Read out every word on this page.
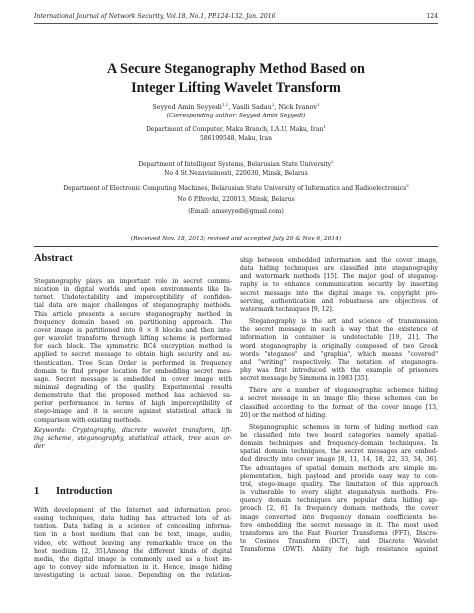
International Journal of Network Security, Vol.18, No.1, PP.124-132, Jan. 2016	124
A Secure Steganography Method Based on
Integer Lifting Wavelet Transform
Seyyed Amin Seyyedi$^{1,2}$, Vasili Sadau$^2$, Nick Ivanov$^3$
(Corresponding author: Seyyed Amin Seyyedi)
Department of Computer, Maku Branch, I.A.U, Maku, Iran$^1$
586199548, Maku, Iran
Department of Intelligent Systems, Belarusian State University$^2$
No 4 St.Nezavisimosti, 220030, Minsk, Belarus
Department of Electronic Computing Machines, Belarusian State University of Informatics and Radioelectronics$^3$
No 6 P.Brovki, 220013, Minsk, Belarus
(Email: amseyyedi@gmail.com)
(Received Nov. 18, 2013; revised and accepted July 20 & Nov 6, 2014)
Abstract
Steganography plays an important role in secret commu-
nication in digital worlds and open environments like In-
ternet. Undetectability and imperceptibility of confiden-
tial data are major challenges of steganography methods.
This article presents a secure steganography method in
frequency domain based on partitioning approach. The
cover image is partitioned into 8 × 8 blocks and then inte-
ger wavelet transform through lifting scheme is performed
for each block. The symmetric RC4 encryption method is
applied to secret message to obtain high security and au-
thentication. Tree Scan Order is performed in frequency
domain to find proper location for embedding secret mes-
sage. Secret message is embedded in cover image with
minimal degrading of the quality. Experimental results
demonstrate that the proposed method has achieved su-
perior performance in terms of high imperceptibility of
stego-image and it is secure against statistical attack in
comparison with existing methods.
Keywords: Cryptography, discrete wavelet transform, lift-
ing scheme, steganography, statistical attack, tree scan or-
der
1 Introduction
With development of the Internet and information proc-
essing techniques, data hiding has attracted lots of at-
tention. Data hiding is a science of concealing informa-
tion in a host medium that can be text, image, audio,
video, etc without leaving any remarkable trace on the
host medium [2, 35].Among the different kinds of digital
media, the digital image is commonly used as a host im-
age to convey side information in it. Hence, image hiding
investigating is actual issue. Depending on the relation-
ship between embedded information and the cover image,
data hiding techniques are classified into steganography
and watermark methods [15]. The major goal of steganog-
raphy is to enhance communication security by inserting
secret message into the digital image vs. copyright pro-
serving, authentication and robustness are objectives of
watermark techniques [9, 12].
Steganography is the art and science of transmission
the secret message in such a way that the existence of
information in container is undetectable [19, 21]. The
word steganography is originally composed of two Greek
words "steganos" and "graphia", which means "covered"
and "writing" respectively. The notation of steganogra-
phy was first introduced with the example of prisoners
secret message by Simmons in 1983 [35].
There are a number of steganographic schemes hiding
a secret message in an image file; these schemes can be
classified according to the format of the cover image [13,
20] or the method of hiding.
Steganographic schemes in term of hiding method can
be classified into two board categories namely spatial-
domain techniques and frequency-domain techniques. In
spatial domain techniques, the secret messages are embed-
ded directly into cover image [8, 11, 14, 18, 22, 33, 34, 36].
The advantages of spatial domain methods are simple im-
plementation, high payload and provide easy way to con-
trol, stego-image quality. The limitation of this approach
is vulnerable to every slight steganalysis methods. Fre-
quency domain techniques are popular data hiding ap-
proach [2, 6]. In frequency domain methods, the cover
image converted into frequency domain coefficients be-
fore embedding the secret message in it. The most used
transforms are the Fast Fourier Transforms (FFT), Discre-
te Cosines Transform (DCT), and Discrete Wavelet
Transforms (DWT). Ability for high resistance against
